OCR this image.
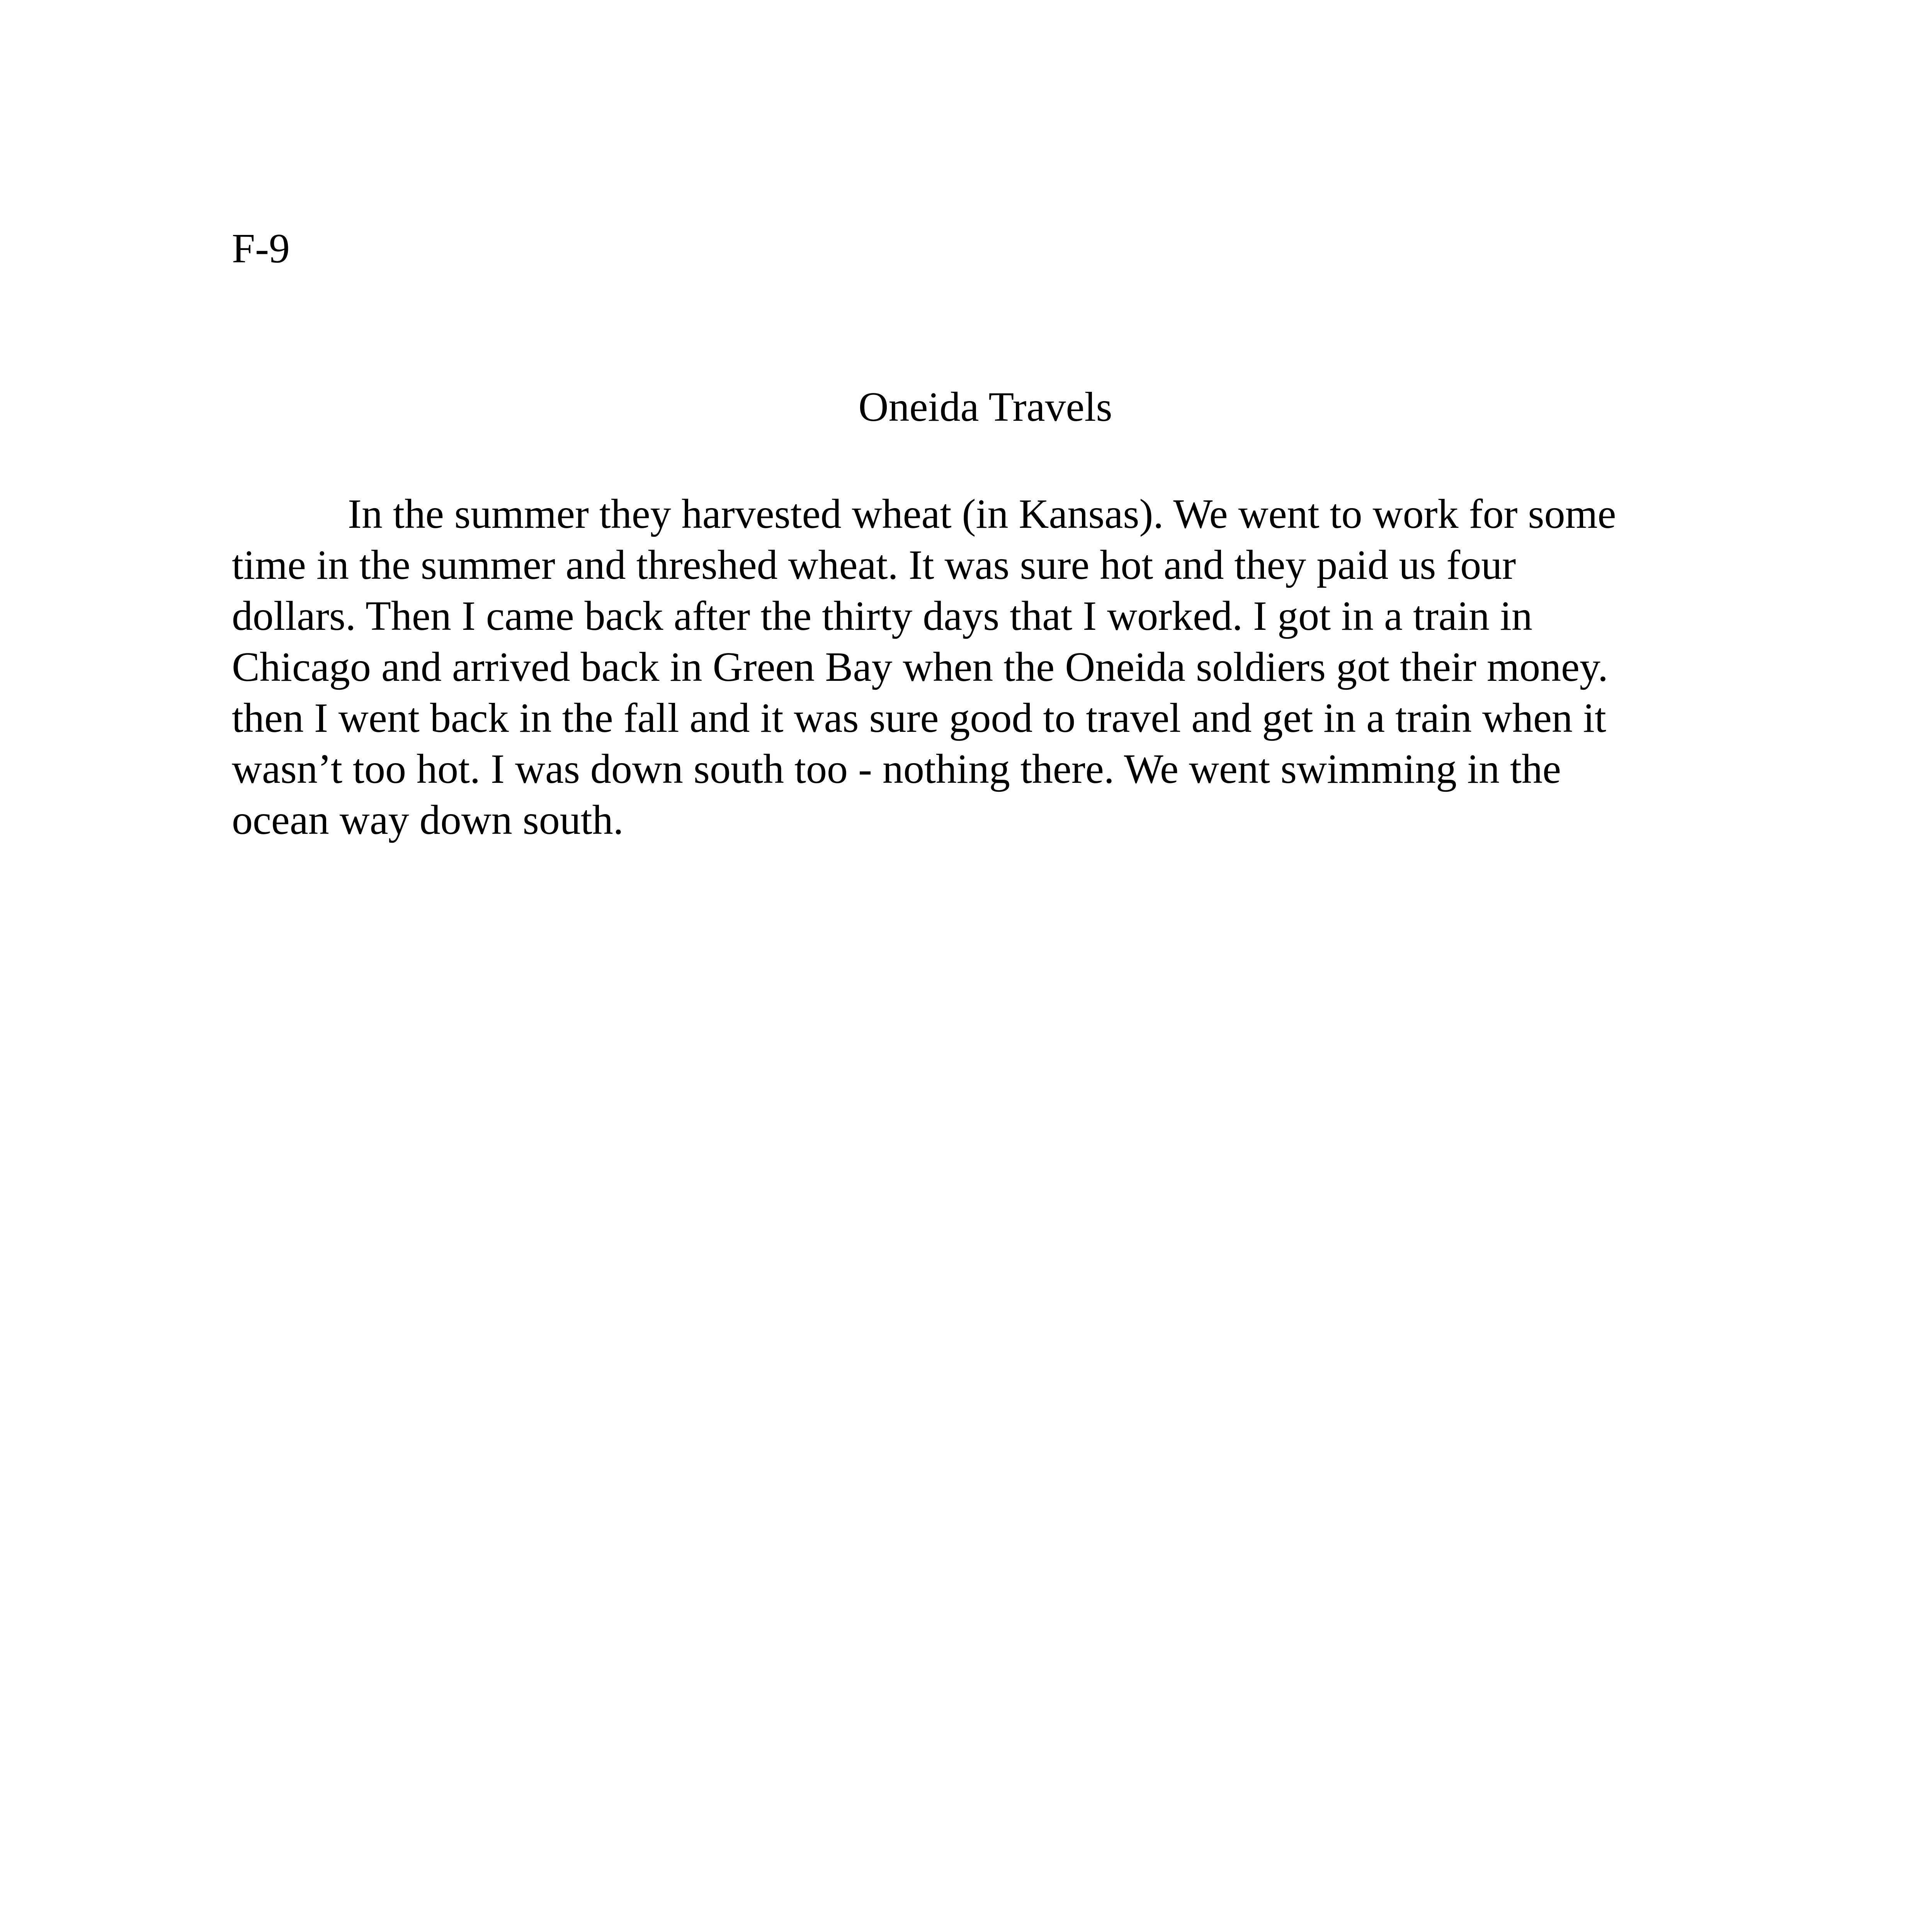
F-9
Oneida Travels
In the summer they harvested wheat (in Kansas). We went to work for some
time in the summer and threshed wheat. It was sure hot and they paid us four
dollars. Then I came back after the thirty days that I worked. I got in a train in
Chicago and arrived back in Green Bay when the Oneida soldiers got their money.
then I went back in the fall and it was sure good to travel and get in a train when it
wasn’t too hot. I was down south too - nothing there. We went swimming in the
ocean way down south.
